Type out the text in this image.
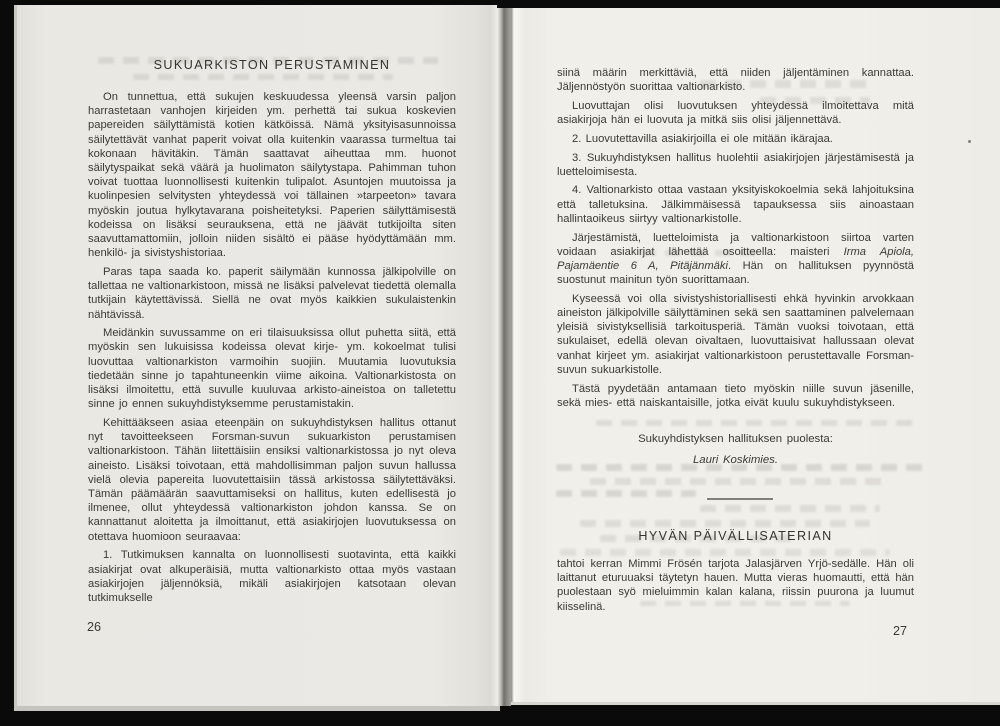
SUKUARKISTON PERUSTAMINEN

On tunnettua, että sukujen keskuudessa yleensä varsin paljon harrastetaan vanhojen kirjeiden ym. perhettä tai sukua koskevien papereiden säilyttämistä kotien kätköissä. Nämä yksityisasunnoissa säilytettävät vanhat paperit voivat olla kuitenkin vaarassa turmeltua tai kokonaan hävitäkin. Tämän saattavat aiheuttaa mm. huonot säilytyspaikat sekä väärä ja huolimaton säilytystapa. Pahimman tuhon voivat tuottaa luonnollisesti kuitenkin tulipalot. Asuntojen muutoissa ja kuolinpesien selvitysten yhteydessä voi tällainen »tarpeeton» tavara myöskin joutua hylkytavarana poisheitetyksi. Paperien säilyttämisestä kodeissa on lisäksi seurauksena, että ne jäävät tutkijoilta siten saavuttamattomiin, jolloin niiden sisältö ei pääse hyödyttämään mm. henkilö- ja sivistyshistoriaa.

Paras tapa saada ko. paperit säilymään kunnossa jälkipolville on tallettaa ne valtionarkistoon, missä ne lisäksi palvelevat tiedettä olemalla tutkijain käytettävissä. Siellä ne ovat myös kaikkien sukulaistenkin nähtävissä.

Meidänkin suvussamme on eri tilaisuuksissa ollut puhetta siitä, että myöskin sen lukuisissa kodeissa olevat kirje- ym. kokoelmat tulisi luovuttaa valtionarkiston varmoihin suojiin. Muutamia luovutuksia tiedetään sinne jo tapahtuneenkin viime aikoina. Valtionarkistosta on lisäksi ilmoitettu, että suvulle kuuluvaa arkisto-aineistoa on talletettu sinne jo ennen sukuyhdistyksemme perustamistakin.

Kehittääkseen asiaa eteenpäin on sukuyhdistyksen hallitus ottanut nyt tavoitteekseen Forsman-suvun sukuarkiston perustamisen valtionarkistoon. Tähän liitettäisiin ensiksi valtionarkistossa jo nyt oleva aineisto. Lisäksi toivotaan, että mahdollisimman paljon suvun hallussa vielä olevia papereita luovutettaisiin tässä arkistossa säilytettäväksi. Tämän päämäärän saavuttamiseksi on hallitus, kuten edellisestä jo ilmenee, ollut yhteydessä valtionarkiston johdon kanssa. Se on kannattanut aloitetta ja ilmoittanut, että asiakirjojen luovutuksessa on otettava huomioon seuraavaa:

1. Tutkimuksen kannalta on luonnollisesti suotavinta, että kaikki asiakirjat ovat alkuperäisiä, mutta valtionarkisto ottaa myös vastaan asiakirjojen jäljennöksiä, mikäli asiakirjojen katsotaan olevan tutkimukselle

26

siinä määrin merkittäviä, että niiden jäljentäminen kannattaa. Jäljennöstyön suorittaa valtionarkisto.

Luovuttajan olisi luovutuksen yhteydessä ilmoitettava mitä asiakirjoja hän ei luovuta ja mitkä siis olisi jäljennettävä.

2. Luovutettavilla asiakirjoilla ei ole mitään ikärajaa.

3. Sukuyhdistyksen hallitus huolehtii asiakirjojen järjestämisestä ja luetteloimisesta.

4. Valtionarkisto ottaa vastaan yksityiskokoelmia sekä lahjoituksina että talletuksina. Jälkimmäisessä tapauksessa siis ainoastaan hallintaoikeus siirtyy valtionarkistolle.

Järjestämistä, luetteloimista ja valtionarkistoon siirtoa varten voidaan asiakirjat lähettää osoitteella: maisteri Irma Apiola, Pajamäentie 6 A, Pitäjänmäki. Hän on hallituksen pyynnöstä suostunut mainitun työn suorittamaan.

Kyseessä voi olla sivistyshistoriallisesti ehkä hyvinkin arvokkaan aineiston jälkipolville säilyttäminen sekä sen saattaminen palvelemaan yleisiä sivistyksellisiä tarkoitusperiä. Tämän vuoksi toivotaan, että sukulaiset, edellä olevan oivaltaen, luovuttaisivat hallussaan olevat vanhat kirjeet ym. asiakirjat valtionarkistoon perustettavalle Forsman-suvun sukuarkistolle.

Tästä pyydetään antamaan tieto myöskin niille suvun jäsenille, sekä mies- että naiskantaisille, jotka eivät kuulu sukuyhdistykseen.

Sukuyhdistyksen hallituksen puolesta:
Lauri Koskimies.
HYVÄN PÄIVÄLLISATERIAN

tahtoi kerran Mimmi Frösén tarjota Jalasjärven Yrjö-sedälle. Hän oli laittanut eturuuaksi täytetyn hauen. Mutta vieras huomautti, että hän puolestaan syö mieluimmin kalan kalana, riissin puurona ja luumut kiisselinä.

27
